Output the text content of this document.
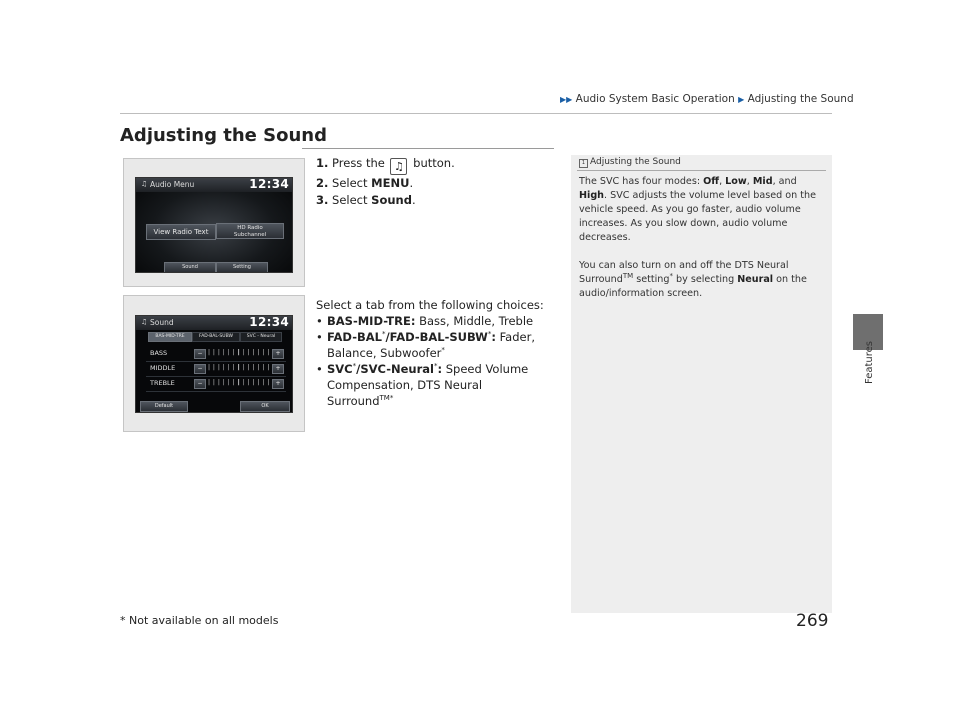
▶▶ Audio System Basic Operation ▶ Adjusting the Sound
Adjusting the Sound
Features
♫ Audio Menu	12:34
View Radio Text	HD Radio
Subchannel
Sound	Setting
1. Press the ♫ button.
2. Select MENU.
3. Select Sound.
♫ Sound	12:34
BAS-MID-TRE	FAD-BAL-SUBW	SVC - Neural
BASS	− | | | | | | | | | | | | | +
MIDDLE	− | | | | | | | | | | | | | +
TREBLE	− | | | | | | | | | | | | | +
Default	OK
Select a tab from the following choices:
• BAS-MID-TRE: Bass, Middle, Treble
• FAD-BAL*/FAD-BAL-SUBW*: Fader, Balance, Subwoofer*
• SVC*/SVC-Neural*: Speed Volume Compensation, DTS Neural Surround$^{TM*}$
1 Adjusting the Sound

The SVC has four modes: Off, Low, Mid, and High. SVC adjusts the volume level based on the vehicle speed. As you go faster, audio volume increases. As you slow down, audio volume decreases.

You can also turn on and off the DTS Neural Surround™ setting* by selecting Neural on the audio/information screen.

* Not available on all models	269
